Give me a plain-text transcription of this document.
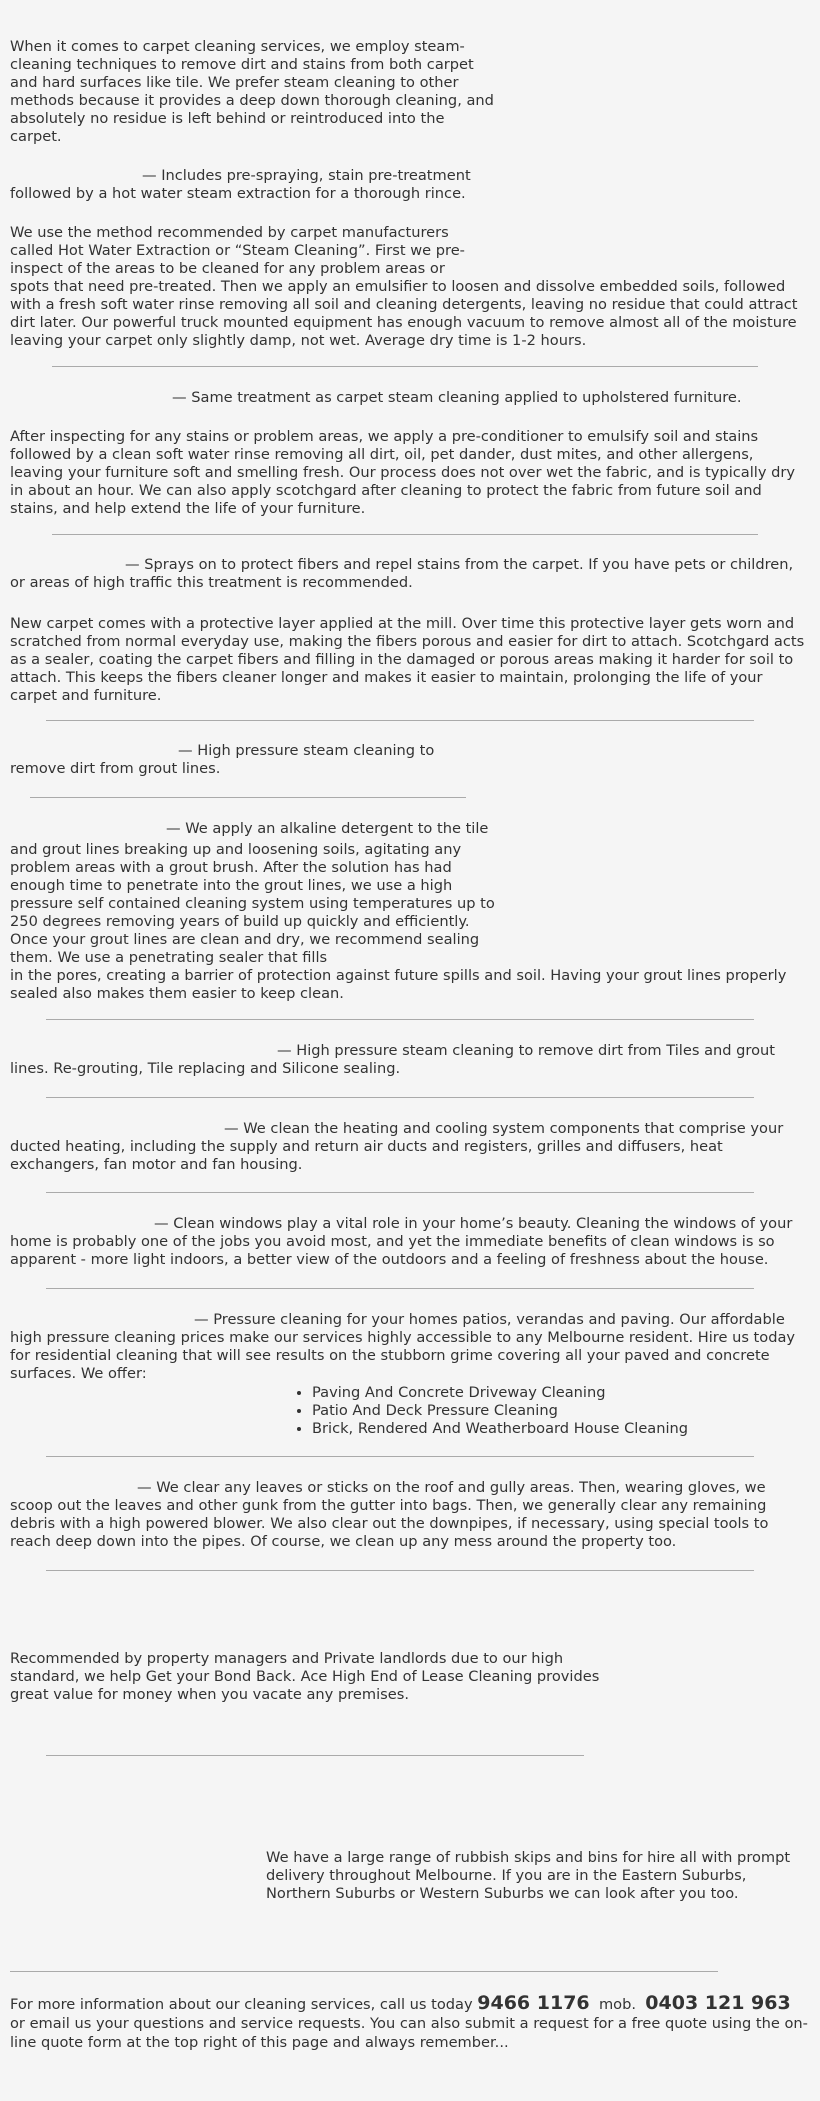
When it comes to carpet cleaning services, we employ steam-cleaning techniques to remove dirt and stains from both carpet and hard surfaces like tile. We prefer steam cleaning to other methods because it provides a deep down thorough cleaning, and absolutely no residue is left behind or reintroduced into the carpet.

— Includes pre-spraying, stain pre-treatment
followed by a hot water steam extraction for a thorough rince.

We use the method recommended by carpet manufacturers called Hot Water Extraction or “Steam Cleaning”. First we pre-inspect of the areas to be cleaned for any problem areas or

spots that need pre-treated. Then we apply an emulsifier to loosen and dissolve embedded soils, followed with a fresh soft water rinse removing all soil and cleaning detergents, leaving no residue that could attract dirt later. Our powerful truck mounted equipment has enough vacuum to remove almost all of the moisture leaving your carpet only slightly damp, not wet. Average dry time is 1-2 hours.

— Same treatment as carpet steam cleaning applied to upholstered furniture.

After inspecting for any stains or problem areas, we apply a pre-conditioner to emulsify soil and stains followed by a clean soft water rinse removing all dirt, oil, pet dander, dust mites, and other allergens, leaving your furniture soft and smelling fresh. Our process does not over wet the fabric, and is typically dry in about an hour. We can also apply scotchgard after cleaning to protect the fabric from future soil and stains, and help extend the life of your furniture.

— Sprays on to protect fibers and repel stains from the carpet. If you have pets or children, or areas of high traffic this treatment is recommended.

New carpet comes with a protective layer applied at the mill. Over time this protective layer gets worn and scratched from normal everyday use, making the fibers porous and easier for dirt to attach. Scotchgard acts as a sealer, coating the carpet fibers and filling in the damaged or porous areas making it harder for soil to attach. This keeps the fibers cleaner longer and makes it easier to maintain, prolonging the life of your carpet and furniture.

— High pressure steam cleaning to remove dirt from grout lines.

— We apply an alkaline detergent to the tile

and grout lines breaking up and loosening soils, agitating any problem areas with a grout brush. After the solution has had enough time to penetrate into the grout lines, we use a high pressure self contained cleaning system using temperatures up to 250 degrees removing years of build up quickly and efficiently. Once your grout lines are clean and dry, we recommend sealing them. We use a penetrating sealer that fills

in the pores, creating a barrier of protection against future spills and soil. Having your grout lines properly sealed also makes them easier to keep clean.

— High pressure steam cleaning to remove dirt from Tiles and grout lines. Re-grouting, Tile replacing and Silicone sealing.

— We clean the heating and cooling system components that comprise your ducted heating, including the supply and return air ducts and registers, grilles and diffusers, heat exchangers, fan motor and fan housing.

— Clean windows play a vital role in your home’s beauty. Cleaning the windows of your home is probably one of the jobs you avoid most, and yet the immediate benefits of clean windows is so apparent - more light indoors, a better view of the outdoors and a feeling of freshness about the house.

— Pressure cleaning for your homes patios, verandas and paving. Our affordable high pressure cleaning prices make our services highly accessible to any Melbourne resident. Hire us today for residential cleaning that will see results on the stubborn grime covering all your paved and concrete surfaces. We offer:

• Paving And Concrete Driveway Cleaning
• Patio And Deck Pressure Cleaning
• Brick, Rendered And Weatherboard House Cleaning

— We clear any leaves or sticks on the roof and gully areas. Then, wearing gloves, we scoop out the leaves and other gunk from the gutter into bags. Then, we generally clear any remaining debris with a high powered blower. We also clear out the downpipes, if necessary, using special tools to reach deep down into the pipes. Of course, we clean up any mess around the property too.

Recommended by property managers and Private landlords due to our high standard, we help Get your Bond Back. Ace High End of Lease Cleaning provides great value for money when you vacate any premises.

We have a large range of rubbish skips and bins for hire all with prompt delivery throughout Melbourne. If you are in the Eastern Suburbs, Northern Suburbs or Western Suburbs we can look after you too.

For more information about our cleaning services, call us today 9466 1176 mob. 0403 121 963 or email us your questions and service requests. You can also submit a request for a free quote using the on-line quote form at the top right of this page and always remember...
